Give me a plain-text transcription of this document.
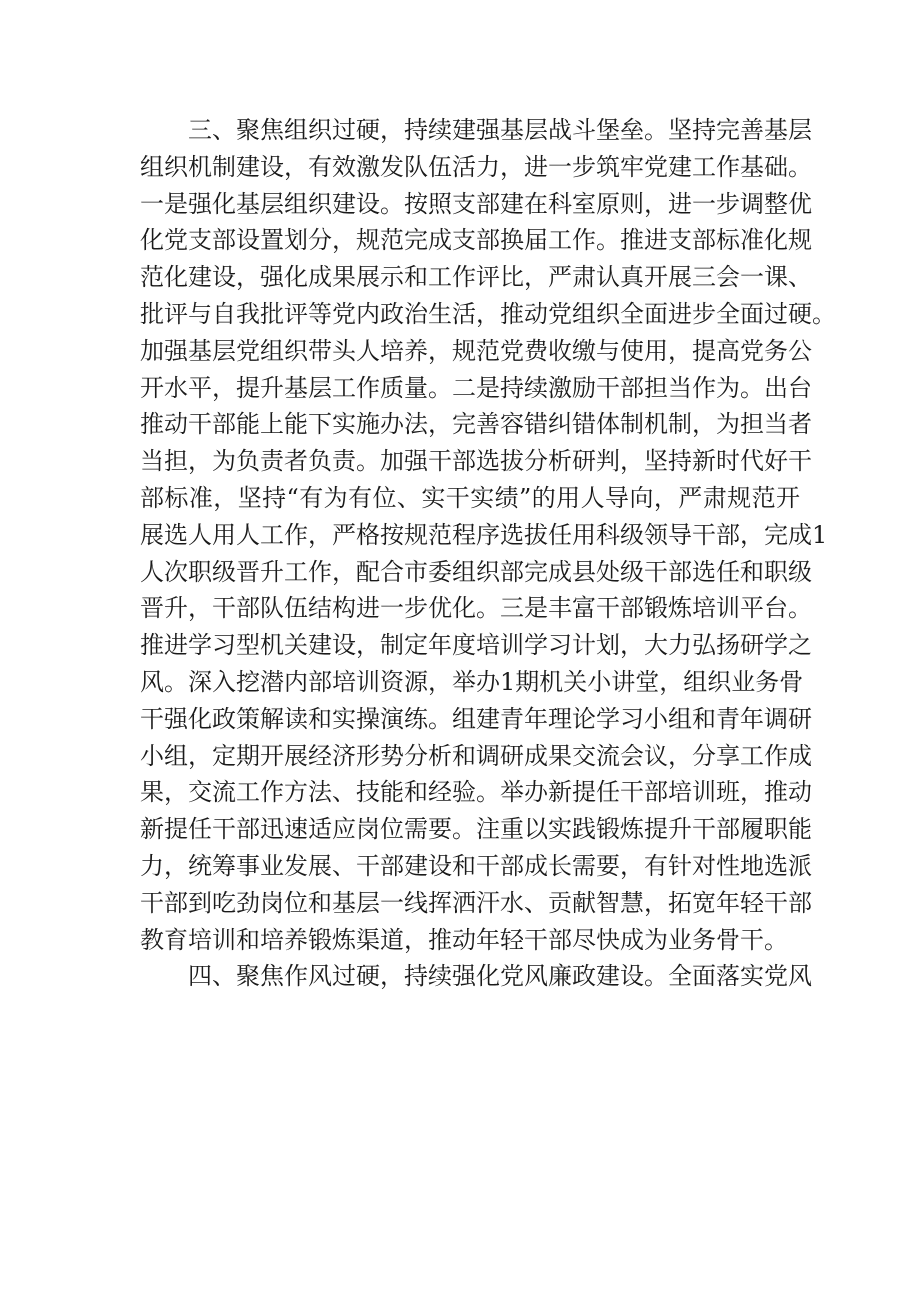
三、聚焦组织过硬，持续建强基层战斗堡垒。坚持完善基层
组织机制建设，有效激发队伍活力，进一步筑牢党建工作基础。
一是强化基层组织建设。按照支部建在科室原则，进一步调整优
化党支部设置划分，规范完成支部换届工作。推进支部标准化规
范化建设，强化成果展示和工作评比，严肃认真开展三会一课、
批评与自我批评等党内政治生活，推动党组织全面进步全面过硬。
加强基层党组织带头人培养，规范党费收缴与使用，提高党务公
开水平，提升基层工作质量。二是持续激励干部担当作为。出台
推动干部能上能下实施办法，完善容错纠错体制机制，为担当者
当担，为负责者负责。加强干部选拔分析研判，坚持新时代好干
部标准，坚持“有为有位、实干实绩”的用人导向，严肃规范开
展选人用人工作，严格按规范程序选拔任用科级领导干部，完成1
人次职级晋升工作，配合市委组织部完成县处级干部选任和职级
晋升，干部队伍结构进一步优化。三是丰富干部锻炼培训平台。
推进学习型机关建设，制定年度培训学习计划，大力弘扬研学之
风。深入挖潜内部培训资源，举办1期机关小讲堂，组织业务骨
干强化政策解读和实操演练。组建青年理论学习小组和青年调研
小组，定期开展经济形势分析和调研成果交流会议，分享工作成
果，交流工作方法、技能和经验。举办新提任干部培训班，推动
新提任干部迅速适应岗位需要。注重以实践锻炼提升干部履职能
力，统筹事业发展、干部建设和干部成长需要，有针对性地选派
干部到吃劲岗位和基层一线挥洒汗水、贡献智慧，拓宽年轻干部
教育培训和培养锻炼渠道，推动年轻干部尽快成为业务骨干。
四、聚焦作风过硬，持续强化党风廉政建设。全面落实党风
